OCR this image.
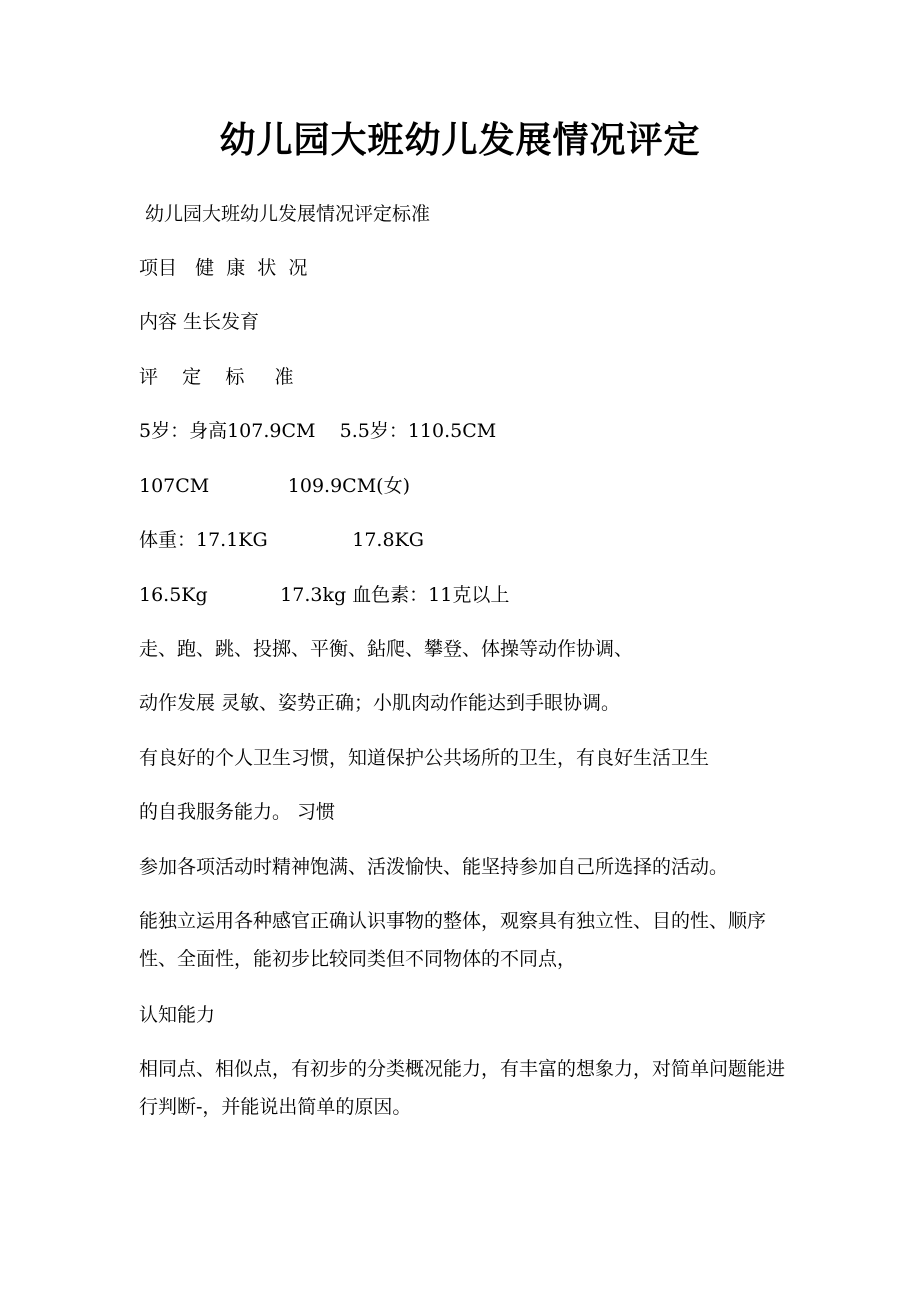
幼儿园大班幼儿发展情况评定
幼儿园大班幼儿发展情况评定标准
项目   健  康  状  况
内容 生长发育
评    定    标     准
5岁：身高107.9CM    5.5岁：110.5CM
107CM             109.9CM(女)
体重：17.1KG              17.8KG
16.5Kg            17.3kg 血色素：11克以上
走、跑、跳、投掷、平衡、鉆爬、攀登、体操等动作协调、
动作发展 灵敏、姿势正确；小肌肉动作能达到手眼协调。
有良好的个人卫生习惯，知道保护公共场所的卫生，有良好生活卫生
的自我服务能力。 习惯
参加各项活动时精神饱满、活泼愉快、能坚持参加自己所选择的活动。
能独立运用各种感官正确认识事物的整体，观察具有独立性、目的性、顺序性、全面性，能初步比较同类但不同物体的不同点，
认知能力
相同点、相似点，有初步的分类概况能力，有丰富的想象力，对简单问题能进行判断-，并能说出简单的原因。
